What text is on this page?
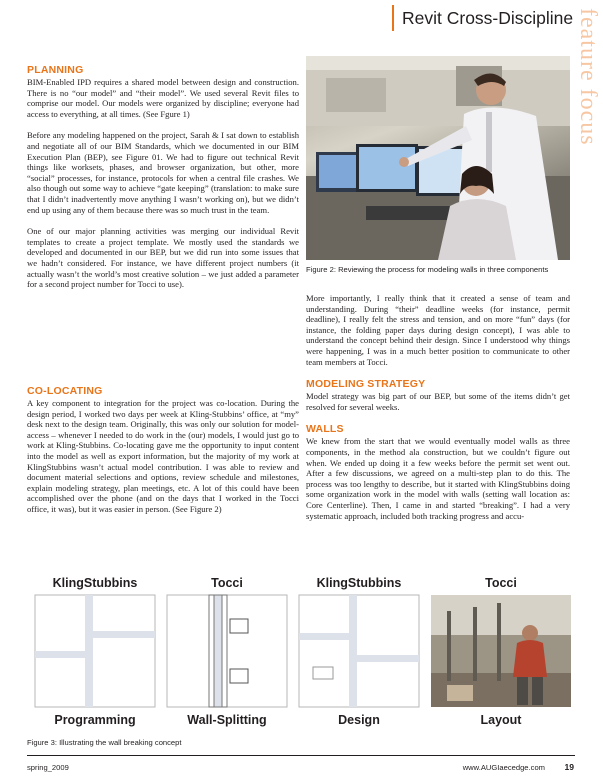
Revit Cross-Discipline feature focus
PLANNING

BIM-Enabled IPD requires a shared model between design and construction. There is no “our model” and “their model”. We used several Revit files to comprise our model. Our models were organized by discipline; everyone had access to everything, at all times. (See Fgure 1)

Before any modeling happened on the project, Sarah & I sat down to establish and negotiate all of our BIM Standards, which we documented in our BIM Execution Plan (BEP), see Figure 01. We had to figure out technical Revit things like worksets, phases, and browser organization, but other, more “social” processes, for instance, protocols for when a central file crashes. We also though out some way to achieve “gate keeping” (translation: to make sure that I didn’t inadvertently move anything I wasn’t working on), but we didn’t end up using any of them because there was so much trust in the team.

One of our major planning activities was merging our individual Revit templates to create a project template. We mostly used the standards we developed and documented in our BEP, but we did run into some issues that we hadn’t considered. For instance, we have different project numbers (it actually wasn’t the world’s most creative solution – we just added a parameter for a second project number for Tocci to use).

CO-LOCATING

A key component to integration for the project was co-location. During the design period, I worked two days per week at Kling-Stubbins’ office, at “my” desk next to the design team. Originally, this was only our solution for model-access – whenever I needed to do work in the (our) models, I would just go to work at Kling-Stubbins. Co-locating gave me the opportunity to input content into the model as well as export information, but the majority of my work at KlingStubbins wasn’t actual model contribution. I was able to review and document material selections and options, review schedule and milestones, explain modeling strategy, plan meetings, etc. A lot of this could have been accomplished over the phone (and on the days that I worked in the Tocci office, it was), but it was easier in person. (See Figure 2)

Figure 2: Reviewing the process for modeling walls in three components

More importantly, I really think that it created a sense of team and understanding. During “their” deadline weeks (for instance, permit deadline), I really felt the stress and tension, and on more “fun” days (for instance, the folding paper days during design concept), I was able to understand the concept behind their design. Since I understood why things were happening, I was in a much better position to communicate to other team members at Tocci.

MODELING STRATEGY

Model strategy was big part of our BEP, but some of the items didn’t get resolved for several weeks.

WALLS

We knew from the start that we would eventually model walls as three components, in the method ala construction, but we couldn’t figure out when. We ended up doing it a few weeks before the permit set went out. After a few discussions, we agreed on a multi-step plan to do this. The process was too lengthy to describe, but it started with KlingStubbins doing some organization work in the model with walls (setting wall location as: Core Centerline). Then, I came in and started “breaking”. I had a very systematic approach, included both tracking progress and accu-

KlingStubbins	Tocci	KlingStubbins	Tocci
Programming	Wall-Splitting	Design	Layout
Figure 3: Illustrating the wall breaking concept
spring_2009	www.AUGIaecedge.com	19
